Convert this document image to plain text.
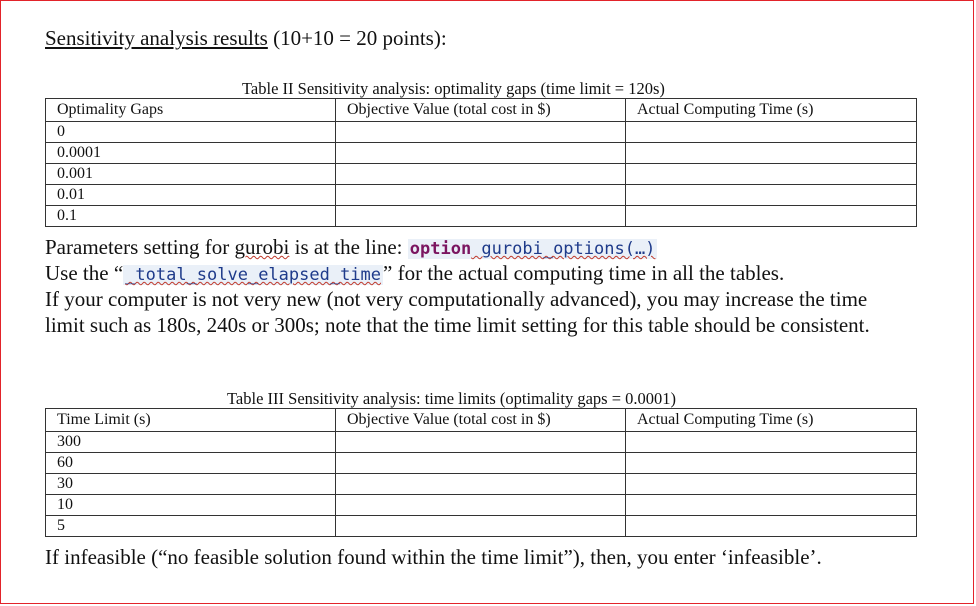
Sensitivity analysis results (10+10 = 20 points):
Table II Sensitivity analysis: optimality gaps (time limit = 120s)
Optimality Gaps	Objective Value (total cost in $)	Actual Computing Time (s)
0		
0.0001		
0.001		
0.01		
0.1		
Parameters setting for gurobi is at the line: option gurobi_options(…)
Use the “ _total_solve_elapsed_time” for the actual computing time in all the tables.
If your computer is not very new (not very computationally advanced), you may increase the time
limit such as 180s, 240s or 300s; note that the time limit setting for this table should be consistent.
Table III Sensitivity analysis: time limits (optimality gaps = 0.0001)
Time Limit (s)	Objective Value (total cost in $)	Actual Computing Time (s)
300		
60		
30		
10		
5		
If infeasible (“no feasible solution found within the time limit”), then, you enter ‘infeasible’.
